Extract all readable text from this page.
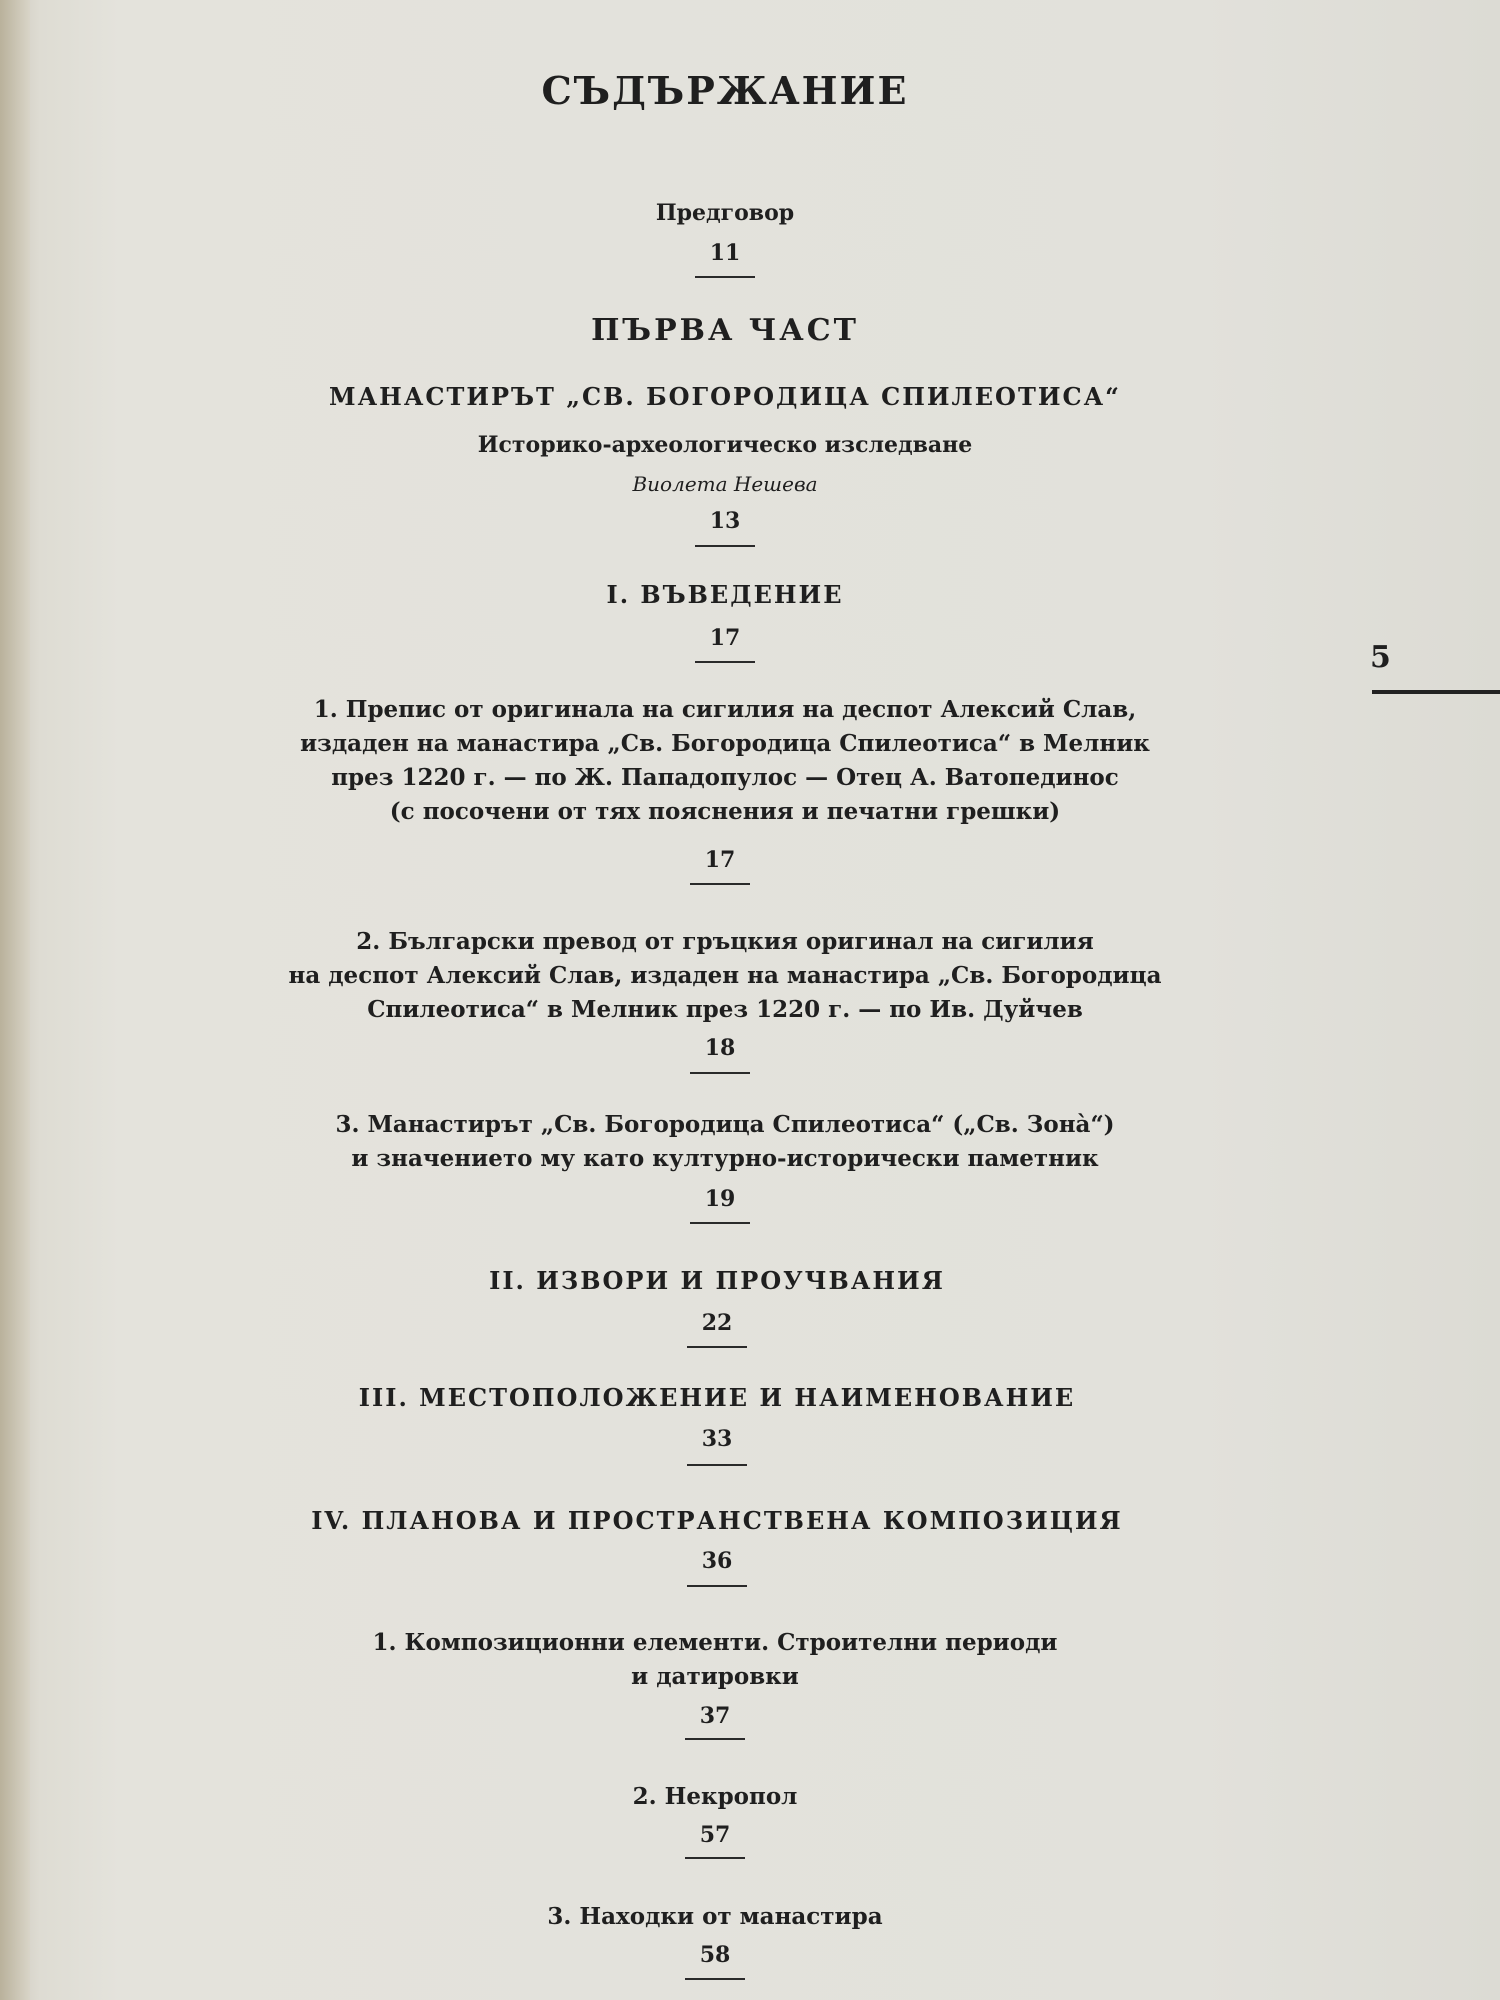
СЪДЪРЖАНИЕ
Предговор
11
ПЪРВА ЧАСТ
МАНАСТИРЪТ „СВ. БОГОРОДИЦА СПИЛЕОТИСА“
Историко-археологическо изследване
Виолета Нешева
13
I. ВЪВЕДЕНИЕ
17
1. Препис от оригинала на сигилия на деспот Алексий Слав,
издаден на манастира „Св. Богородица Спилеотиса“ в Мелник
през 1220 г. — по Ж. Пападопулос — Отец А. Ватопединос
(с посочени от тях пояснения и печатни грешки)
17
2. Български превод от гръцкия оригинал на сигилия
на деспот Алексий Слав, издаден на манастира „Св. Богородица
Спилеотиса“ в Мелник през 1220 г. — по Ив. Дуйчев
18
3. Манастирът „Св. Богородица Спилеотиса“ („Св. Зонà“)
и значението му като културно-исторически паметник
19
II. ИЗВОРИ И ПРОУЧВАНИЯ
22
III. МЕСТОПОЛОЖЕНИЕ И НАИМЕНОВАНИЕ
33
IV. ПЛАНОВА И ПРОСТРАНСТВЕНА КОМПОЗИЦИЯ
36
1. Композиционни елементи. Строителни периоди
и датировки
37
2. Некропол
57
3. Находки от манастира
58
5
